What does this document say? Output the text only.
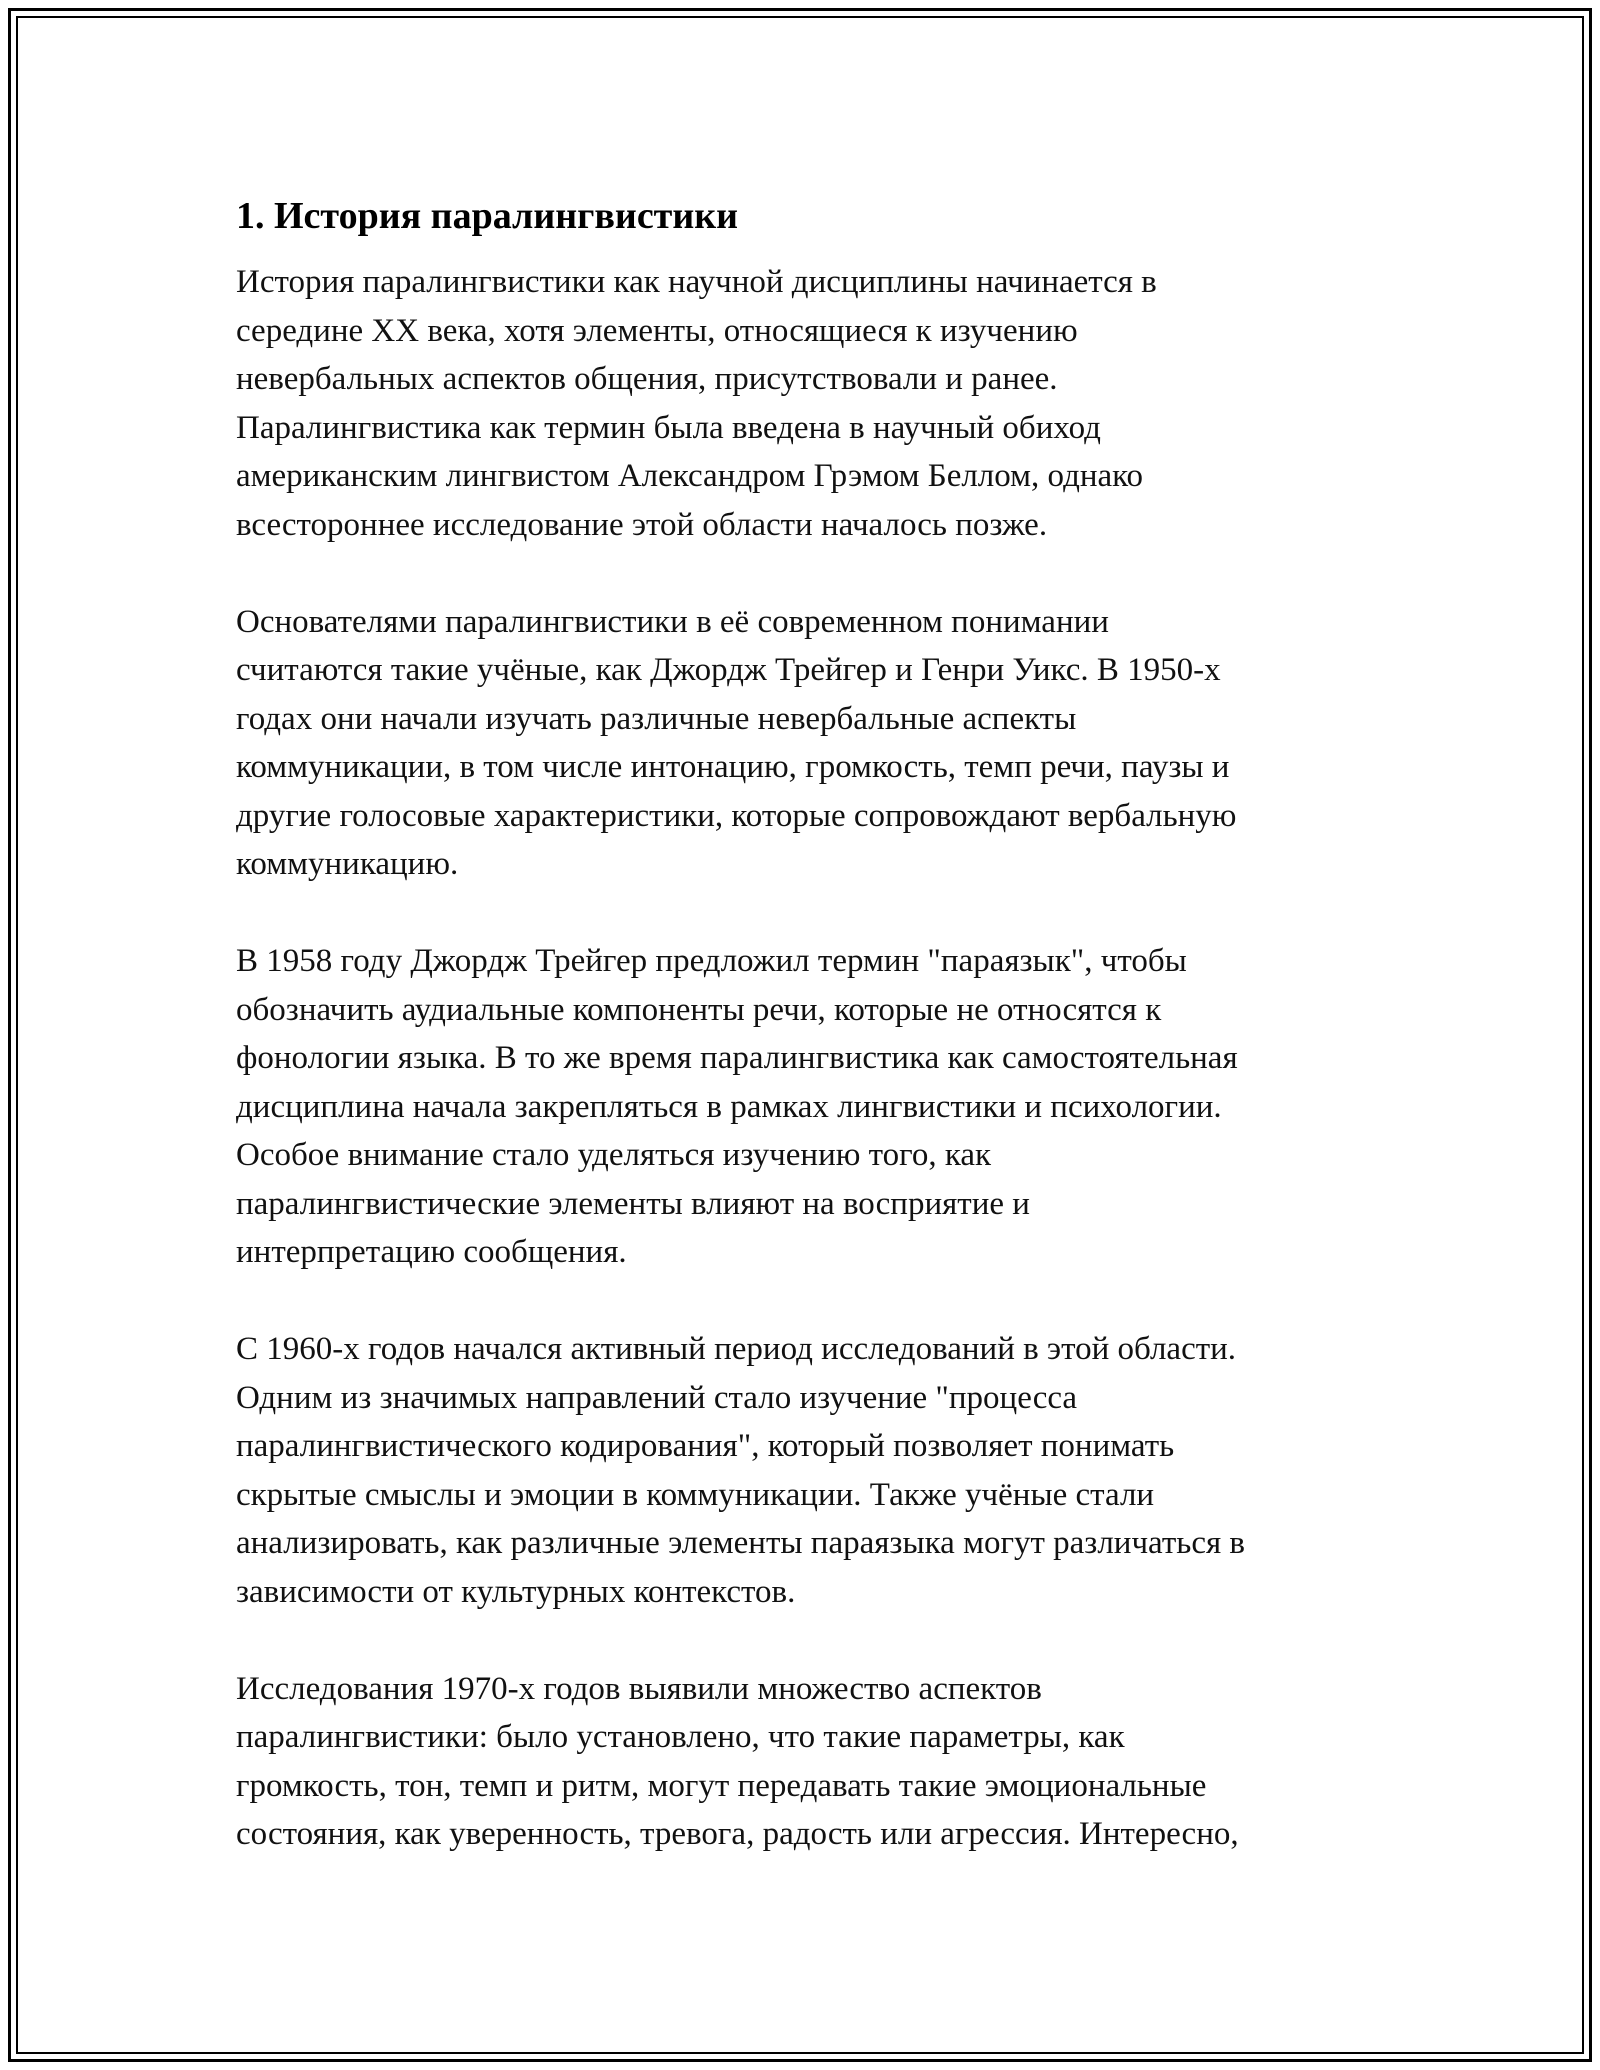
1. История паралингвистики

История паралингвистики как научной дисциплины начинается в
середине XX века, хотя элементы, относящиеся к изучению
невербальных аспектов общения, присутствовали и ранее.
Паралингвистика как термин была введена в научный обиход
американским лингвистом Александром Грэмом Беллом, однако
всестороннее исследование этой области началось позже.

Основателями паралингвистики в её современном понимании
считаются такие учёные, как Джордж Трейгер и Генри Уикс. В 1950-х
годах они начали изучать различные невербальные аспекты
коммуникации, в том числе интонацию, громкость, темп речи, паузы и
другие голосовые характеристики, которые сопровождают вербальную
коммуникацию.

В 1958 году Джордж Трейгер предложил термин "параязык", чтобы
обозначить аудиальные компоненты речи, которые не относятся к
фонологии языка. В то же время паралингвистика как самостоятельная
дисциплина начала закрепляться в рамках лингвистики и психологии.
Особое внимание стало уделяться изучению того, как
паралингвистические элементы влияют на восприятие и
интерпретацию сообщения.

С 1960-х годов начался активный период исследований в этой области.
Одним из значимых направлений стало изучение "процесса
паралингвистического кодирования", который позволяет понимать
скрытые смыслы и эмоции в коммуникации. Также учёные стали
анализировать, как различные элементы параязыка могут различаться в
зависимости от культурных контекстов.

Исследования 1970-х годов выявили множество аспектов
паралингвистики: было установлено, что такие параметры, как
громкость, тон, темп и ритм, могут передавать такие эмоциональные
состояния, как уверенность, тревога, радость или агрессия. Интересно,
